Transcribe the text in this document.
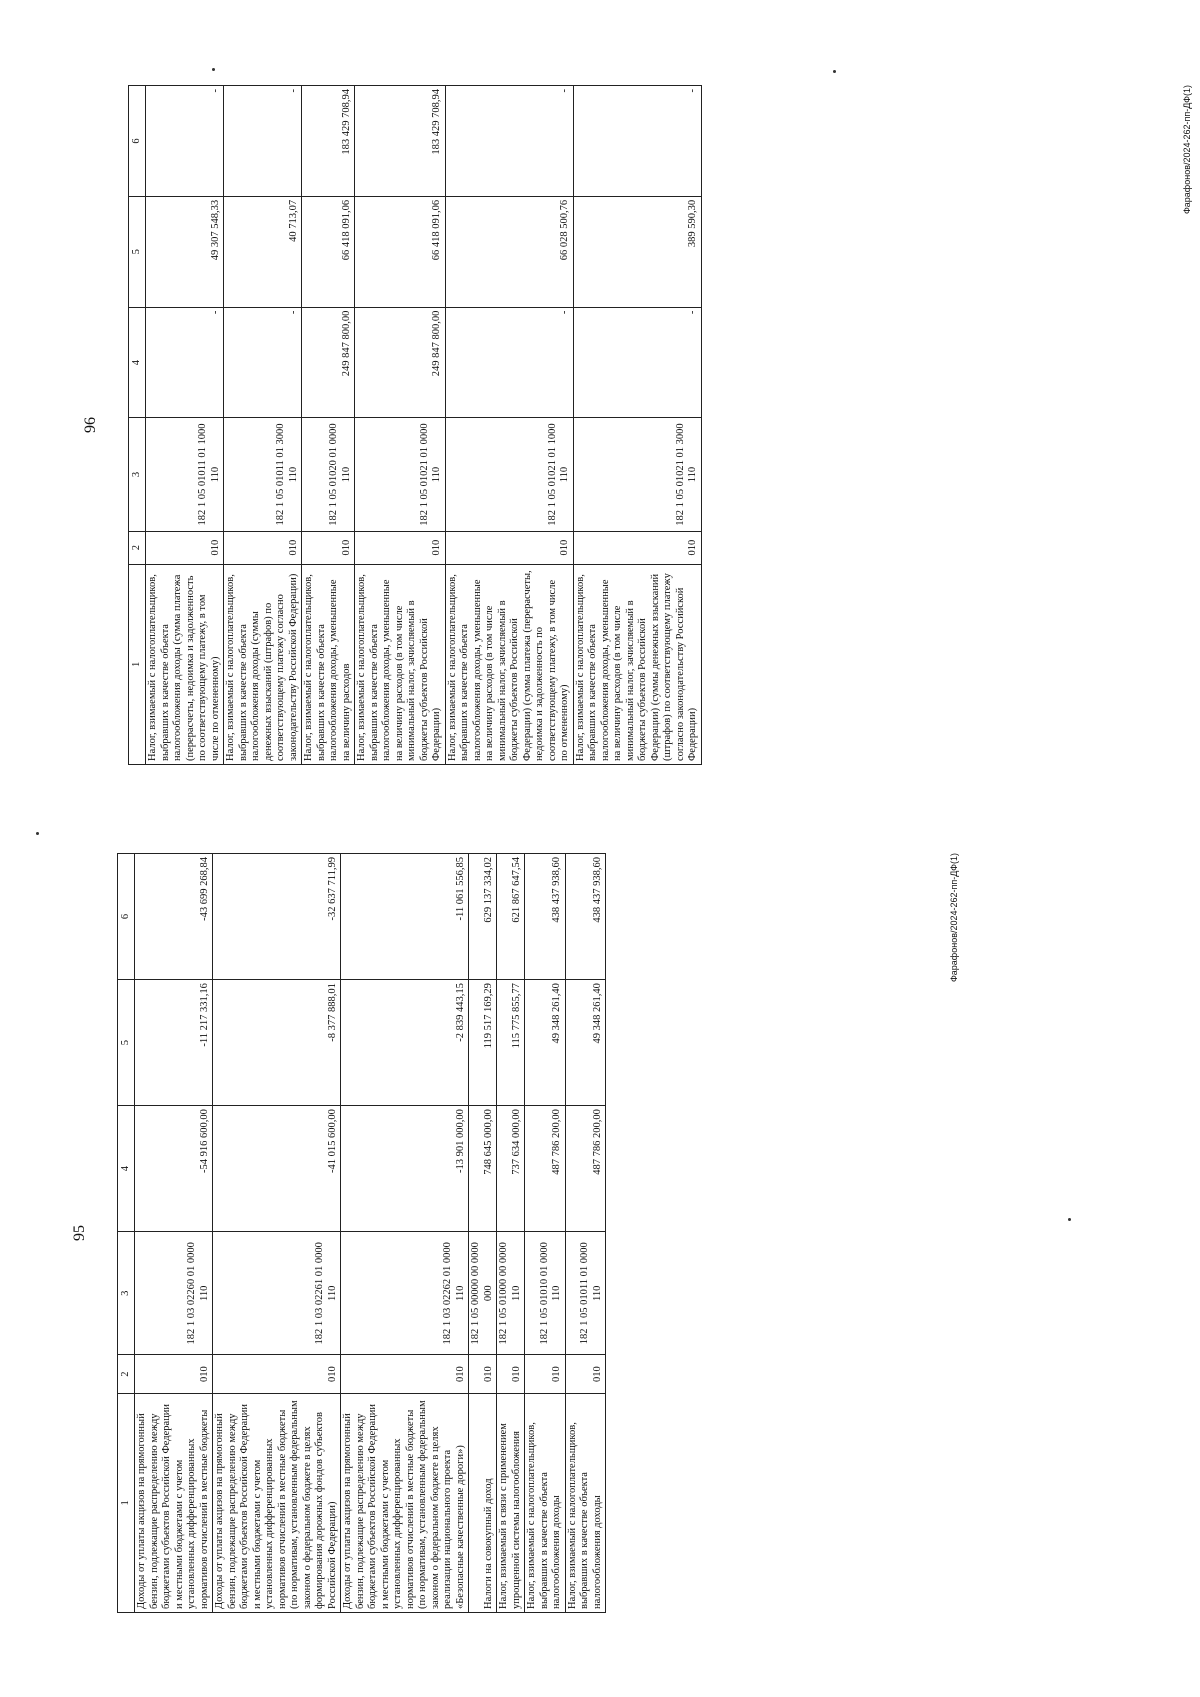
95
1	2	3	4	5	6
Доходы от уплаты акцизов на прямогонный бензин, подлежащие распределению между бюджетами субъектов Российской Федерации и местными бюджетами с учетом установленных дифференцированных нормативов отчислений в местные бюджеты	010	182 1 03 02260 01 0000 110	-54 916 600,00	-11 217 331,16	-43 699 268,84
Доходы от уплаты акцизов на прямогонный бензин, подлежащие распределению между бюджетами субъектов Российской Федерации и местными бюджетами с учетом установленных дифференцированных нормативов отчислений в местные бюджеты (по нормативам, установленным федеральным законом о федеральном бюджете в целях формирования дорожных фондов субъектов Российской Федерации)	010	182 1 03 02261 01 0000 110	-41 015 600,00	-8 377 888,01	-32 637 711,99
Доходы от уплаты акцизов на прямогонный бензин, подлежащие распределению между бюджетами субъектов Российской Федерации и местными бюджетами с учетом установленных дифференцированных нормативов отчислений в местные бюджеты (по нормативам, установленным федеральным законом о федеральном бюджете в целях реализации национального проекта «Безопасные качественные дороги»)	010	182 1 03 02262 01 0000 110	-13 901 000,00	-2 839 443,15	-11 061 556,85
Налоги на совокупный доход	010	182 1 05 00000 00 0000 000	748 645 000,00	119 517 169,29	629 137 334,02
Налог, взимаемый в связи с применением упрощенной системы налогообложения	010	182 1 05 01000 00 0000 110	737 634 000,00	115 775 855,77	621 867 647,54
Налог, взимаемый с налогоплательщиков, выбравших в качестве объекта налогообложения доходы	010	182 1 05 01010 01 0000 110	487 786 200,00	49 348 261,40	438 437 938,60
Налог, взимаемый с налогоплательщиков, выбравших в качестве объекта налогообложения доходы	010	182 1 05 01011 01 0000 110	487 786 200,00	49 348 261,40	438 437 938,60	Фарафонов/2024-262-пп-ДФ(1)
96
1	2	3	4	5	6
Налог, взимаемый с налогоплательщиков, выбравших в качестве объекта налогообложения доходы (сумма платежа (перерасчеты, недоимка и задолженность по соответствующему платежу, в том числе по отмененному)	010	182 1 05 01011 01 1000 110	-	49 307 548,33	-
Налог, взимаемый с налогоплательщиков, выбравших в качестве объекта налогообложения доходы (суммы денежных взысканий (штрафов) по соответствующему платежу согласно законодательству Российской Федерации)	010	182 1 05 01011 01 3000 110	-	40 713,07	-
Налог, взимаемый с налогоплательщиков, выбравших в качестве объекта налогообложения доходы, уменьшенные на величину расходов	010	182 1 05 01020 01 0000 110	249 847 800,00	66 418 091,06	183 429 708,94
Налог, взимаемый с налогоплательщиков, выбравших в качестве объекта налогообложения доходы, уменьшенные на величину расходов (в том числе минимальный налог, зачисляемый в бюджеты субъектов Российской Федерации)	010	182 1 05 01021 01 0000 110	249 847 800,00	66 418 091,06	183 429 708,94
Налог, взимаемый с налогоплательщиков, выбравших в качестве объекта налогообложения доходы, уменьшенные на величину расходов (в том числе минимальный налог, зачисляемый в бюджеты субъектов Российской Федерации) (сумма платежа (перерасчеты, недоимка и задолженность по соответствующему платежу, в том числе по отмененному)	010	182 1 05 01021 01 1000 110	-	66 028 500,76	-
Налог, взимаемый с налогоплательщиков, выбравших в качестве объекта налогообложения доходы, уменьшенные на величину расходов (в том числе минимальный налог, зачисляемый в бюджеты субъектов Российской Федерации) (суммы денежных взысканий (штрафов) по соответствующему платежу согласно законодательству Российской Федерации)	010	182 1 05 01021 01 3000 110	-	389 590,30	-	Фарафонов/2024-262-пп-ДФ(1)
